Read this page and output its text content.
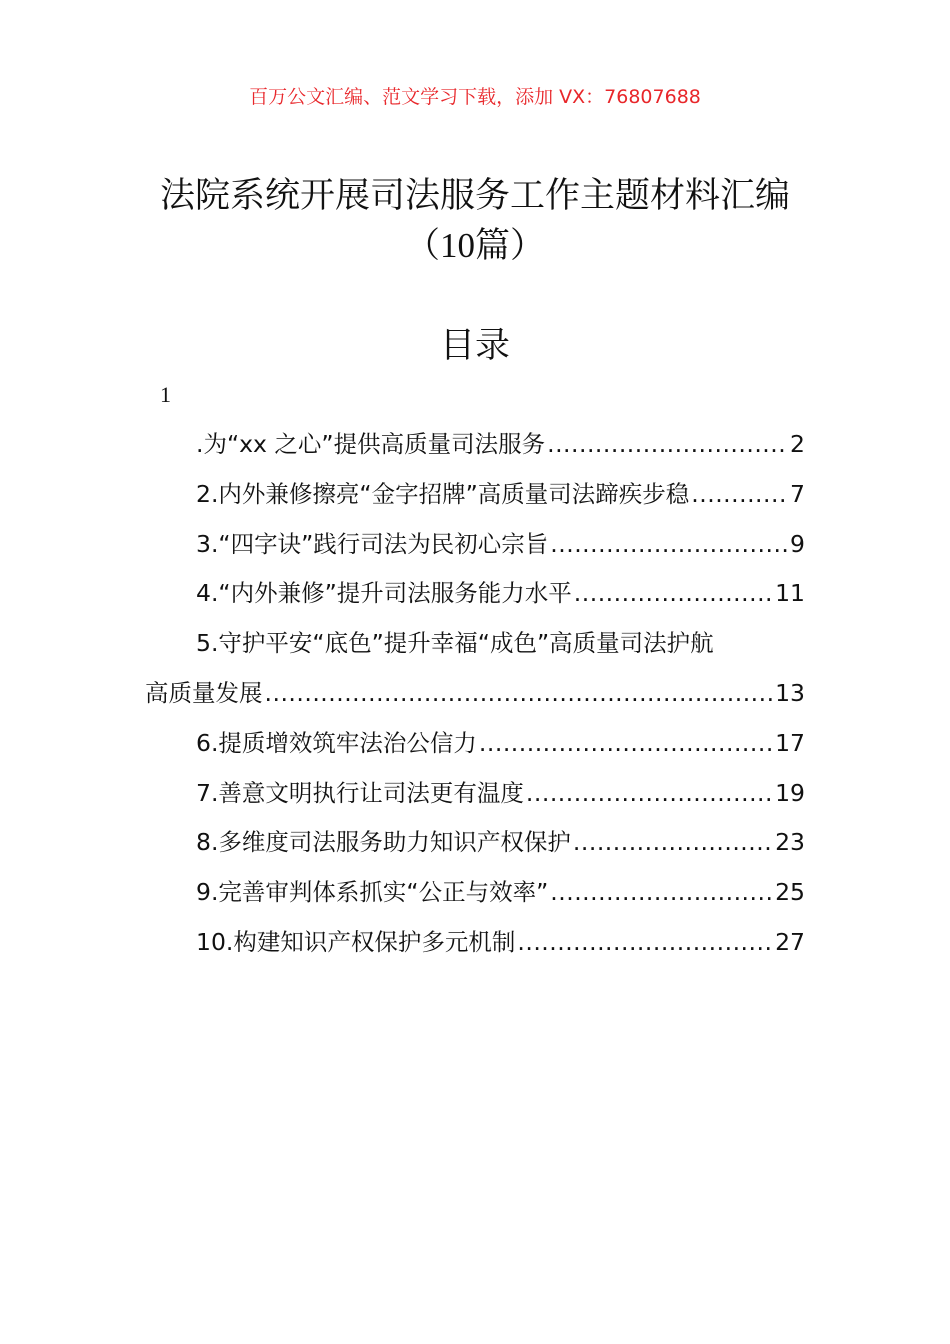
百万公文汇编、范文学习下载，添加 VX：76807688
法院系统开展司法服务工作主题材料汇编
（10篇）
目录
1
.为“xx 之心”提供高质量司法服务 .....	2
2.内外兼修擦亮“金字招牌”高质量司法蹄疾步稳 .....	7
3.“四字诀”践行司法为民初心宗旨 .....	9
4.“内外兼修”提升司法服务能力水平 .....	11
5.守护平安“底色”提升幸福“成色”高质量司法护航
高质量发展 .....	13
6.提质增效筑牢法治公信力 .....	17
7.善意文明执行让司法更有温度 .....	19
8.多维度司法服务助力知识产权保护 .....	23
9.完善审判体系抓实“公正与效率” .....	25
10.构建知识产权保护多元机制 .....	27
